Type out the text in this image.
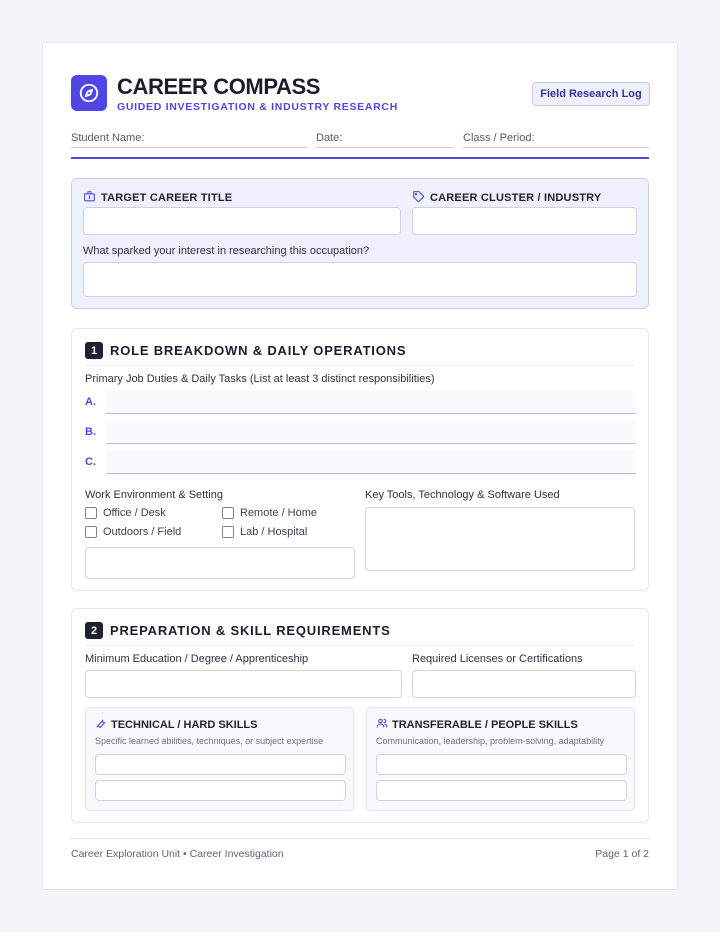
CAREER COMPASS
GUIDED INVESTIGATION & INDUSTRY RESEARCH
Field Research Log
Student Name:	Date:	Class / Period:
TARGET CAREER TITLE	CAREER CLUSTER / INDUSTRY
What sparked your interest in researching this occupation?
1 ROLE BREAKDOWN & DAILY OPERATIONS
Primary Job Duties & Daily Tasks (List at least 3 distinct responsibilities)
A.
B.
C.
Work Environment & Setting
Office / Desk	Remote / Home
Outdoors / Field	Lab / Hospital
Key Tools, Technology & Software Used
2 PREPARATION & SKILL REQUIREMENTS
Minimum Education / Degree / Apprenticeship	Required Licenses or Certifications
TECHNICAL / HARD SKILLS
Specific learned abilities, techniques, or subject expertise
TRANSFERABLE / PEOPLE SKILLS
Communication, leadership, problem-solving, adaptability
Career Exploration Unit • Career Investigation	Page 1 of 2
